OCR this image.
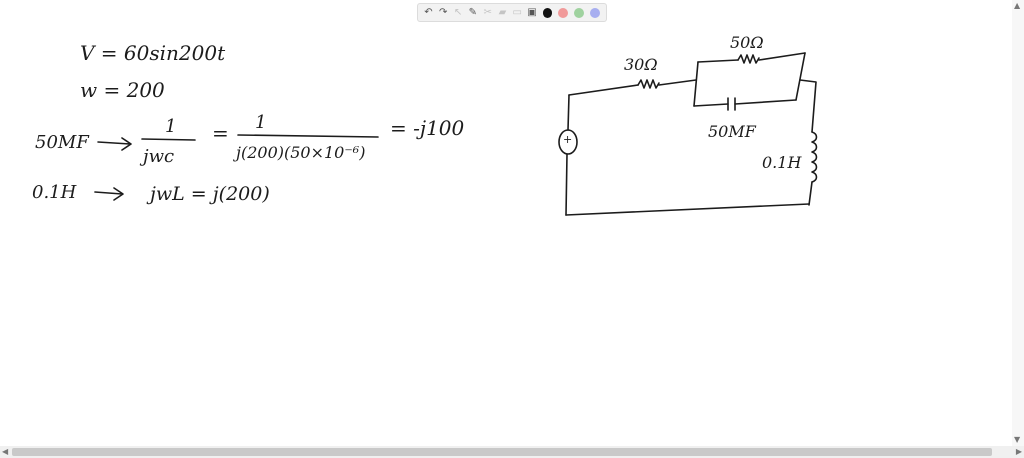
↶ ↷ ↖ ✎ ✂ ▰ ▭ ▣
V = 60sin200t
w = 200
50MF
1
jwc
= 1
j(200)(50×10⁻⁶)
= -j100
0.1H	jwL = j(200)
+
30Ω
50Ω
50MF
0.1H
▲
▼
◀	▶
